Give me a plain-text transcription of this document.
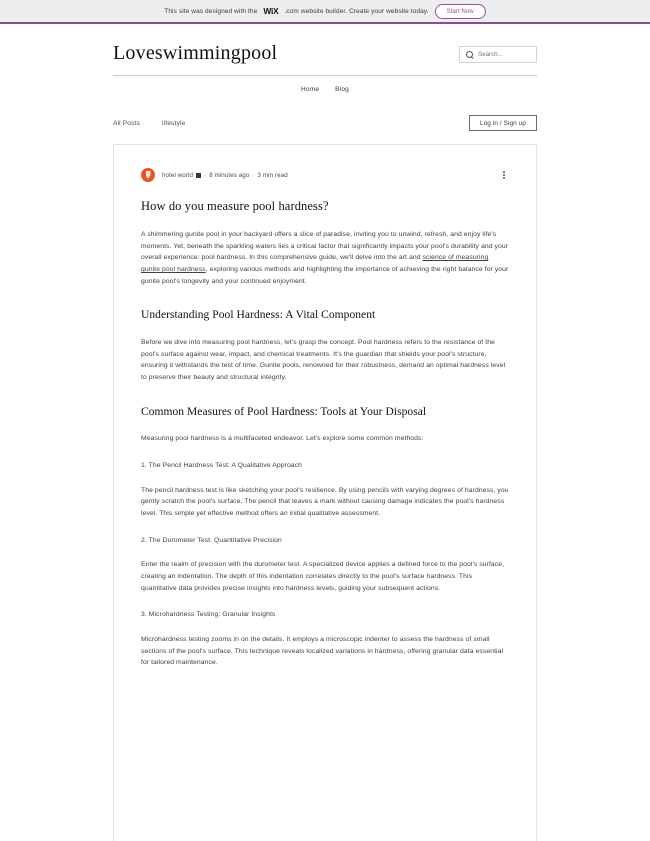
This site was designed with the WiX .com website builder. Create your website today.	Start Now
Loveswimmingpool
Search...
Home Blog
All Posts	lifestyle	Log in / Sign up
hotel world · 8 minutes ago · 3 min read
How do you measure pool hardness?

A shimmering gunite pool in your backyard offers a slice of paradise, inviting you to unwind, refresh, and enjoy life's moments. Yet, beneath the sparkling waters lies a critical factor that significantly impacts your pool's durability and your overall experience: pool hardness. In this comprehensive guide, we'll delve into the art and science of measuring gunite pool hardness, exploring various methods and highlighting the importance of achieving the right balance for your gunite pool's longevity and your continued enjoyment.

Understanding Pool Hardness: A Vital Component

Before we dive into measuring pool hardness, let's grasp the concept. Pool hardness refers to the resistance of the pool's surface against wear, impact, and chemical treatments. It's the guardian that shields your pool's structure, ensuring it withstands the test of time. Gunite pools, renowned for their robustness, demand an optimal hardness level to preserve their beauty and structural integrity.

Common Measures of Pool Hardness: Tools at Your Disposal

Measuring pool hardness is a multifaceted endeavor. Let's explore some common methods:

1. The Pencil Hardness Test: A Qualitative Approach

The pencil hardness test is like sketching your pool's resilience. By using pencils with varying degrees of hardness, you gently scratch the pool's surface. The pencil that leaves a mark without causing damage indicates the pool's hardness level. This simple yet effective method offers an initial qualitative assessment.

2. The Durometer Test: Quantitative Precision

Enter the realm of precision with the durometer test. A specialized device applies a defined force to the pool's surface, creating an indentation. The depth of this indentation correlates directly to the pool's surface hardness. This quantitative data provides precise insights into hardness levels, guiding your subsequent actions.

3. Microhardness Testing: Granular Insights

Microhardness testing zooms in on the details. It employs a microscopic indenter to assess the hardness of small sections of the pool's surface. This technique reveals localized variations in hardness, offering granular data essential for tailored maintenance.
